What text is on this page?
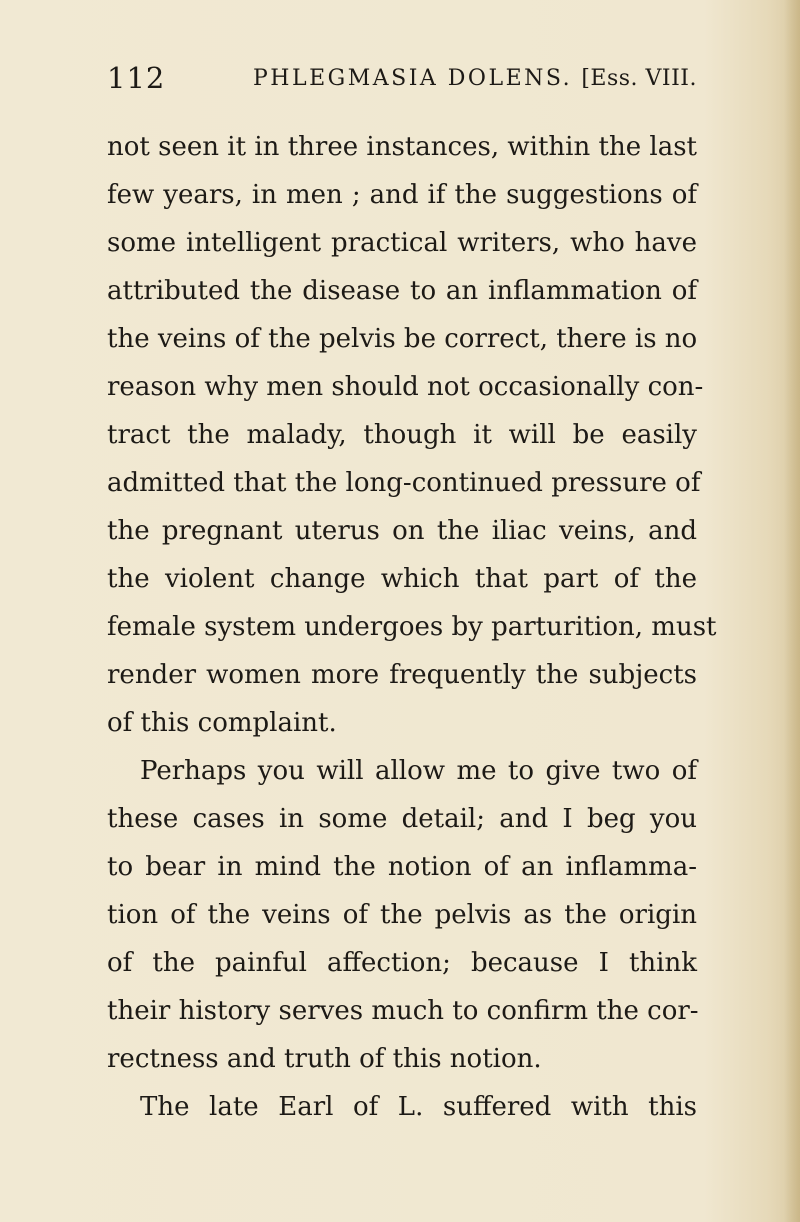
112	PHLEGMASIA DOLENS. [Ess. VIII.
not seen it in three instances, within the last
few years, in men ; and if the suggestions of
some intelligent practical writers, who have
attributed the disease to an inflammation of
the veins of the pelvis be correct, there is no
reason why men should not occasionally con-
tract the malady, though it will be easily
admitted that the long-continued pressure of
the pregnant uterus on the iliac veins, and
the violent change which that part of the
female system undergoes by parturition, must
render women more frequently the subjects
of this complaint.
Perhaps you will allow me to give two of
these cases in some detail; and I beg you
to bear in mind the notion of an inflamma-
tion of the veins of the pelvis as the origin
of the painful affection; because I think
their history serves much to confirm the cor-
rectness and truth of this notion.
The late Earl of L. suffered with this
